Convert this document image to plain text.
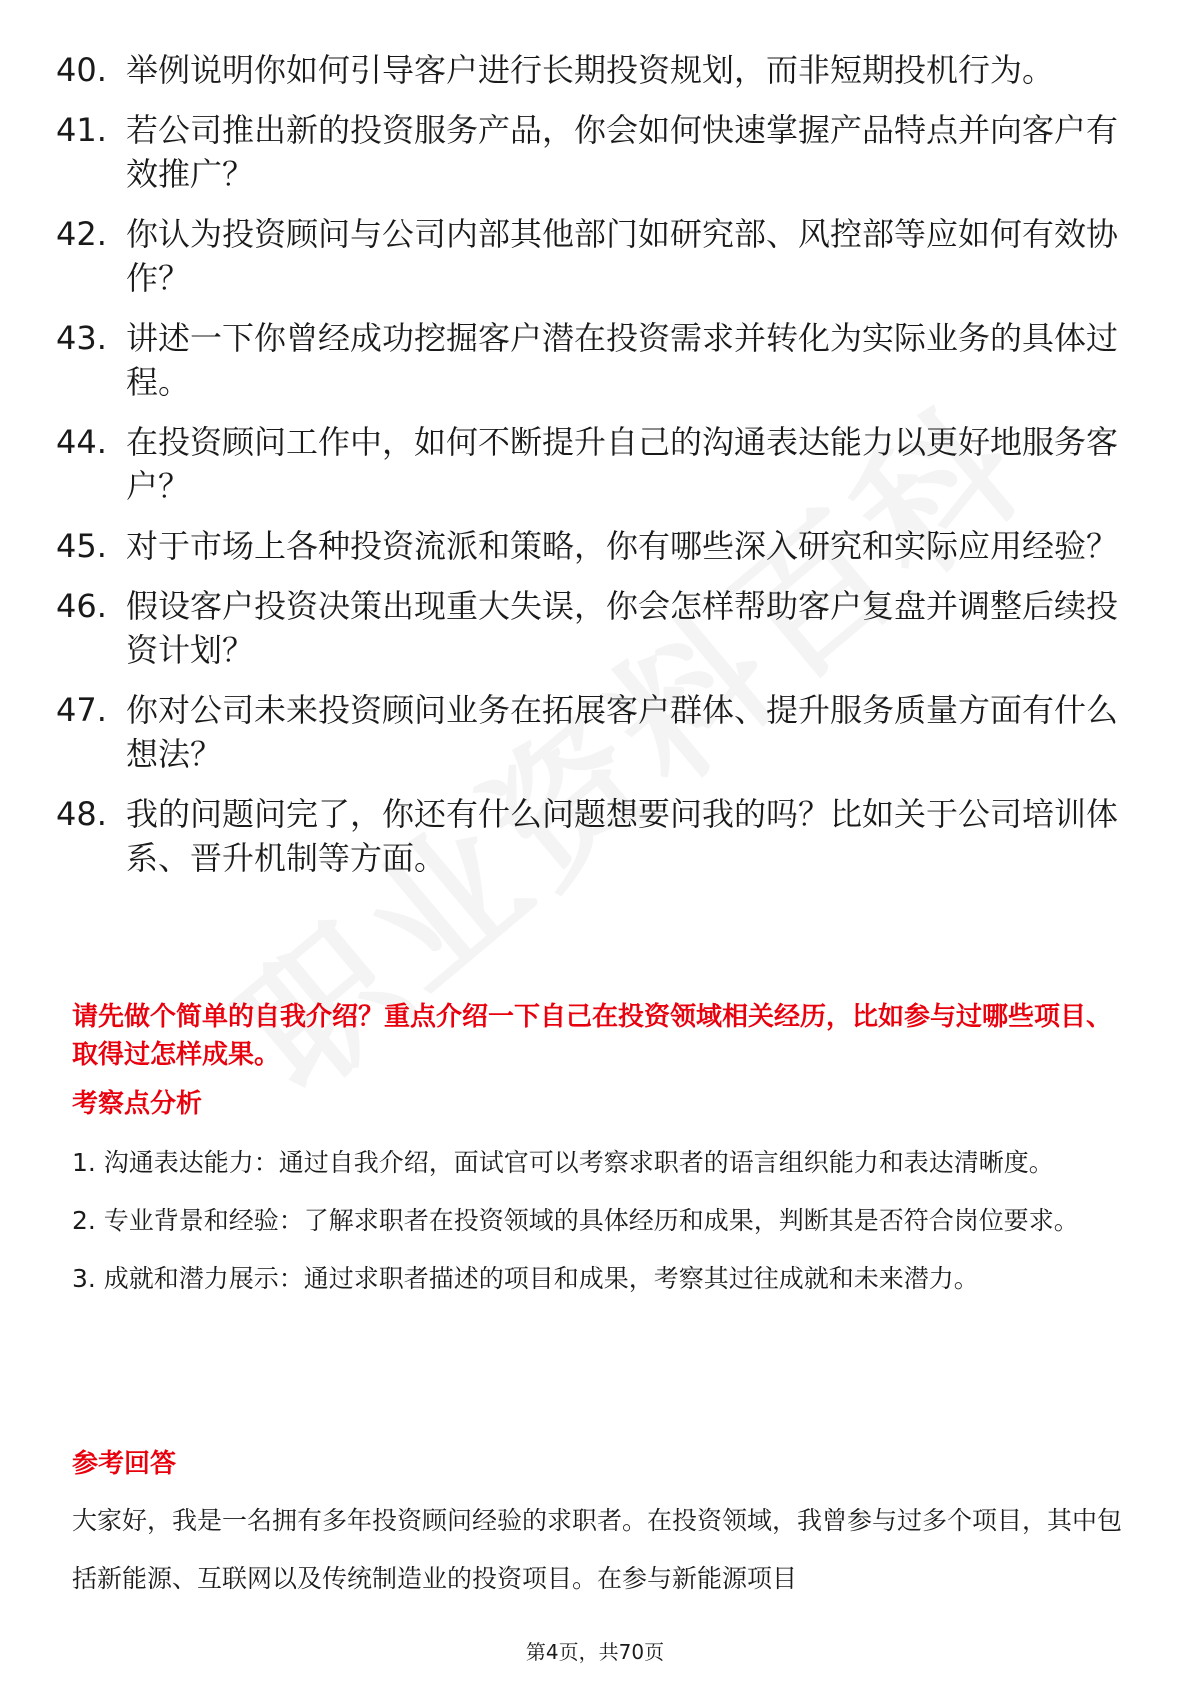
40. 举例说明你如何引导客户进行长期投资规划，而非短期投机行为。
41. 若公司推出新的投资服务产品，你会如何快速掌握产品特点并向客户有效推广？
42. 你认为投资顾问与公司内部其他部门如研究部、风控部等应如何有效协作？
43. 讲述一下你曾经成功挖掘客户潜在投资需求并转化为实际业务的具体过程。
44. 在投资顾问工作中，如何不断提升自己的沟通表达能力以更好地服务客户？
45. 对于市场上各种投资流派和策略，你有哪些深入研究和实际应用经验？
46. 假设客户投资决策出现重大失误，你会怎样帮助客户复盘并调整后续投资计划？
47. 你对公司未来投资顾问业务在拓展客户群体、提升服务质量方面有什么想法？
48. 我的问题问完了，你还有什么问题想要问我的吗？比如关于公司培训体系、晋升机制等方面。
请先做个简单的自我介绍？重点介绍一下自己在投资领域相关经历，比如参与过哪些项目、取得过怎样成果。
考察点分析
1. 沟通表达能力：通过自我介绍，面试官可以考察求职者的语言组织能力和表达清晰度。
2. 专业背景和经验：了解求职者在投资领域的具体经历和成果，判断其是否符合岗位要求。
3. 成就和潜力展示：通过求职者描述的项目和成果，考察其过往成就和未来潜力。
参考回答
大家好，我是一名拥有多年投资顾问经验的求职者。在投资领域，我曾参与过多个项目，其中包括新能源、互联网以及传统制造业的投资项目。在参与新能源项目
第4页，共70页
